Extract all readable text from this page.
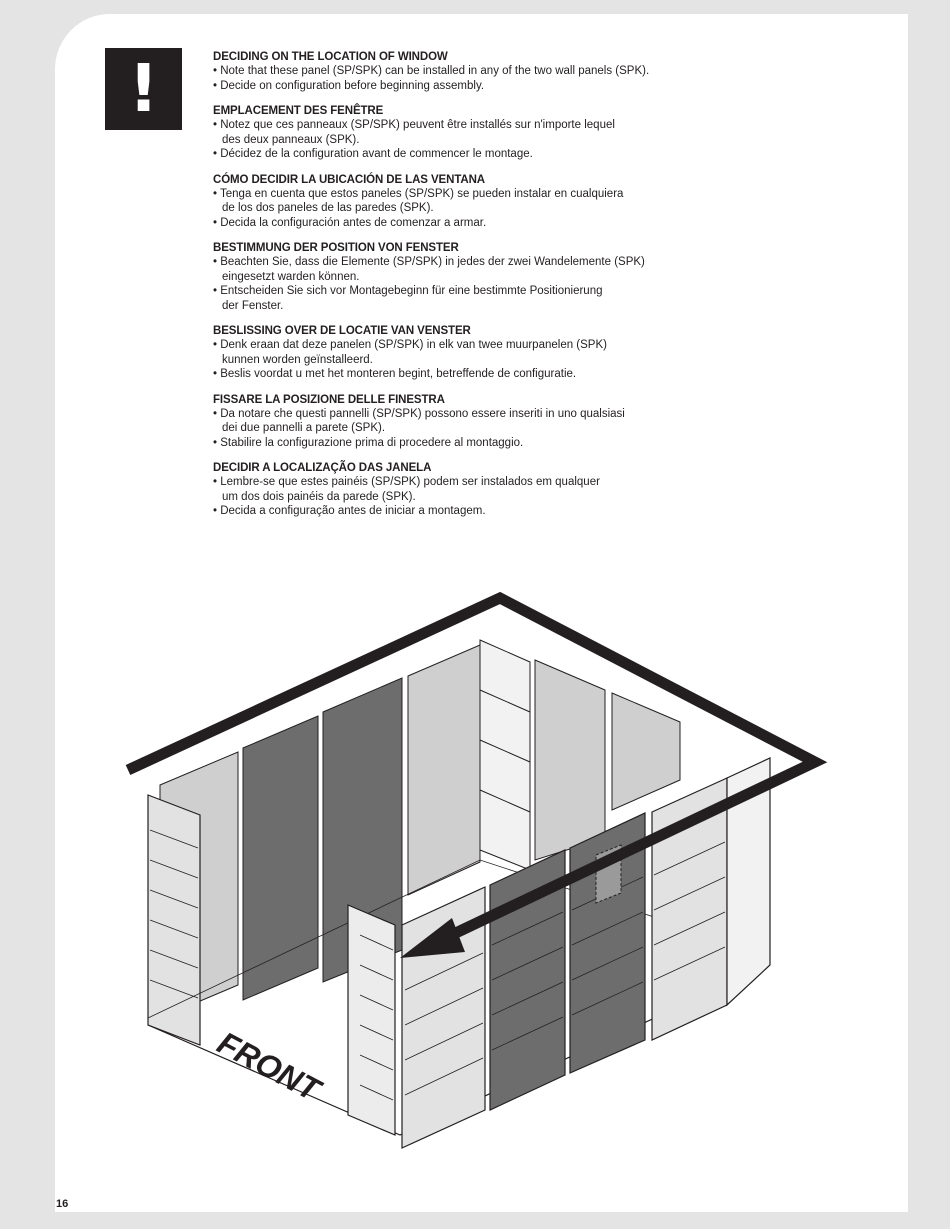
!	DECIDING ON THE LOCATION OF WINDOW
• Note that these panel (SP/SPK) can be installed in any of the two wall panels (SPK).
• Decide on configuration before beginning assembly.
EMPLACEMENT DES FENÊTRE
• Notez que ces panneaux (SP/SPK) peuvent être installés sur n'importe lequel
des deux panneaux (SPK).
• Décidez de la configuration avant de commencer le montage.
CÓMO DECIDIR LA UBICACIÓN DE LAS VENTANA
• Tenga en cuenta que estos paneles (SP/SPK) se pueden instalar en cualquiera
de los dos paneles de las paredes (SPK).
• Decida la configuración antes de comenzar a armar.
BESTIMMUNG DER POSITION VON FENSTER
• Beachten Sie, dass die Elemente (SP/SPK) in jedes der zwei Wandelemente (SPK)
eingesetzt warden können.
• Entscheiden Sie sich vor Montagebeginn für eine bestimmte Positionierung
der Fenster.
BESLISSING OVER DE LOCATIE VAN VENSTER
• Denk eraan dat deze panelen (SP/SPK) in elk van twee muurpanelen (SPK)
kunnen worden geïnstalleerd.
• Beslis voordat u met het monteren begint, betreffende de configuratie.
FISSARE LA POSIZIONE DELLE FINESTRA
• Da notare che questi pannelli (SP/SPK) possono essere inseriti in uno qualsiasi
dei due pannelli a parete (SPK).
• Stabilire la configurazione prima di procedere al montaggio.
DECIDIR A LOCALIZAÇÃO DAS JANELA
• Lembre-se que estes painéis (SP/SPK) podem ser instalados em qualquer
um dos dois painéis da parede (SPK).
• Decida a configuração antes de iniciar a montagem.
FRONT
16
